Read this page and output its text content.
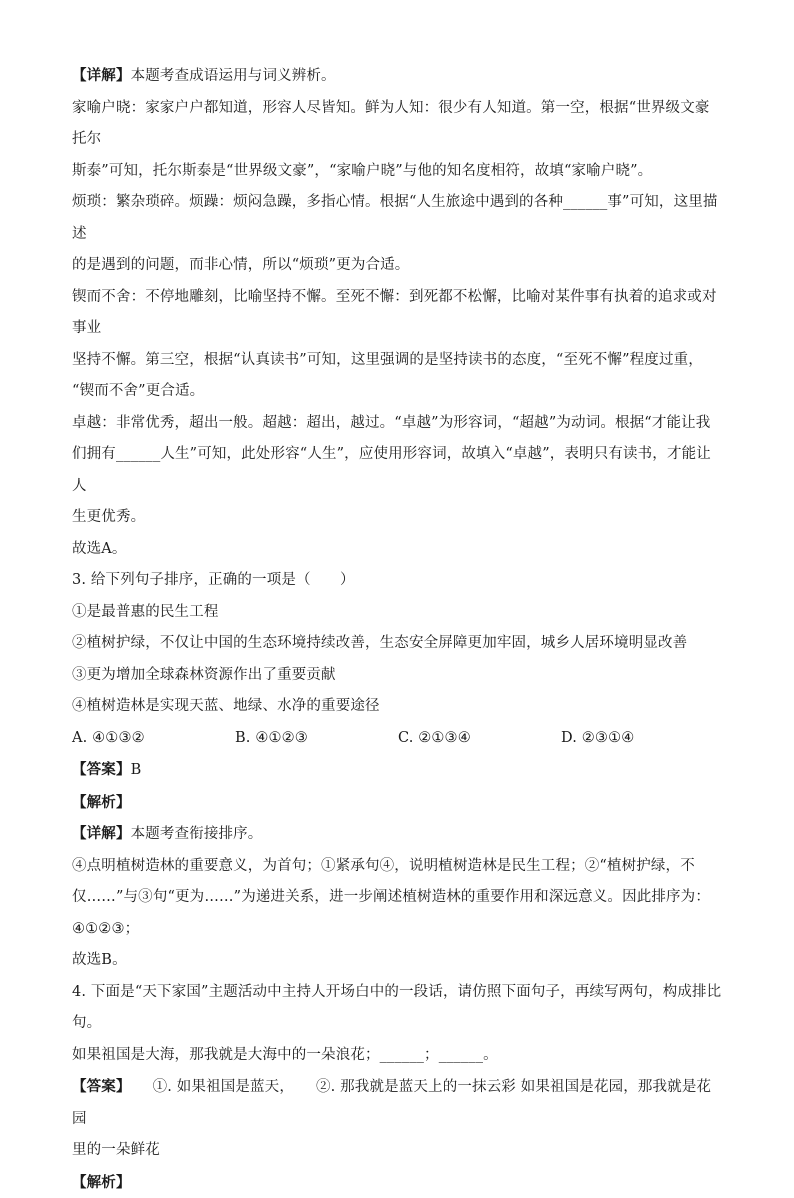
【详解】本题考查成语运用与词义辨析。

家喻户晓：家家户户都知道，形容人尽皆知。鲜为人知：很少有人知道。第一空，根据“世界级文豪托尔

斯泰”可知，托尔斯泰是“世界级文豪”，“家喻户晓”与他的知名度相符，故填“家喻户晓”。

烦琐：繁杂琐碎。烦躁：烦闷急躁，多指心情。根据“人生旅途中遇到的各种______事”可知，这里描述

的是遇到的问题，而非心情，所以“烦琐”更为合适。

锲而不舍：不停地雕刻，比喻坚持不懈。至死不懈：到死都不松懈，比喻对某件事有执着的追求或对事业

坚持不懈。第三空，根据“认真读书”可知，这里强调的是坚持读书的态度，“至死不懈”程度过重，

“锲而不舍”更合适。

卓越：非常优秀，超出一般。超越：超出，越过。“卓越”为形容词，“超越”为动词。根据“才能让我

们拥有______人生”可知，此处形容“人生”，应使用形容词，故填入“卓越”，表明只有读书，才能让人

生更优秀。

故选A。

3. 给下列句子排序，正确的一项是（　　）

①是最普惠的民生工程

②植树护绿，不仅让中国的生态环境持续改善，生态安全屏障更加牢固，城乡人居环境明显改善

③更为增加全球森林资源作出了重要贡献

④植树造林是实现天蓝、地绿、水净的重要途径

A. ④①③②	B. ④①②③	C. ②①③④	D. ②③①④

【答案】B

【解析】

【详解】本题考查衔接排序。

④点明植树造林的重要意义，为首句；①紧承句④，说明植树造林是民生工程；②“植树护绿，不

仅……”与③句“更为……”为递进关系，进一步阐述植树造林的重要作用和深远意义。因此排序为：

④①②③；

故选B。

4. 下面是“天下家国”主题活动中主持人开场白中的一段话，请仿照下面句子，再续写两句，构成排比

句。

如果祖国是大海，那我就是大海中的一朵浪花；______；______。

【答案】 ①. 如果祖国是蓝天， ②. 那我就是蓝天上的一抹云彩 如果祖国是花园，那我就是花园

里的一朵鲜花

【解析】
